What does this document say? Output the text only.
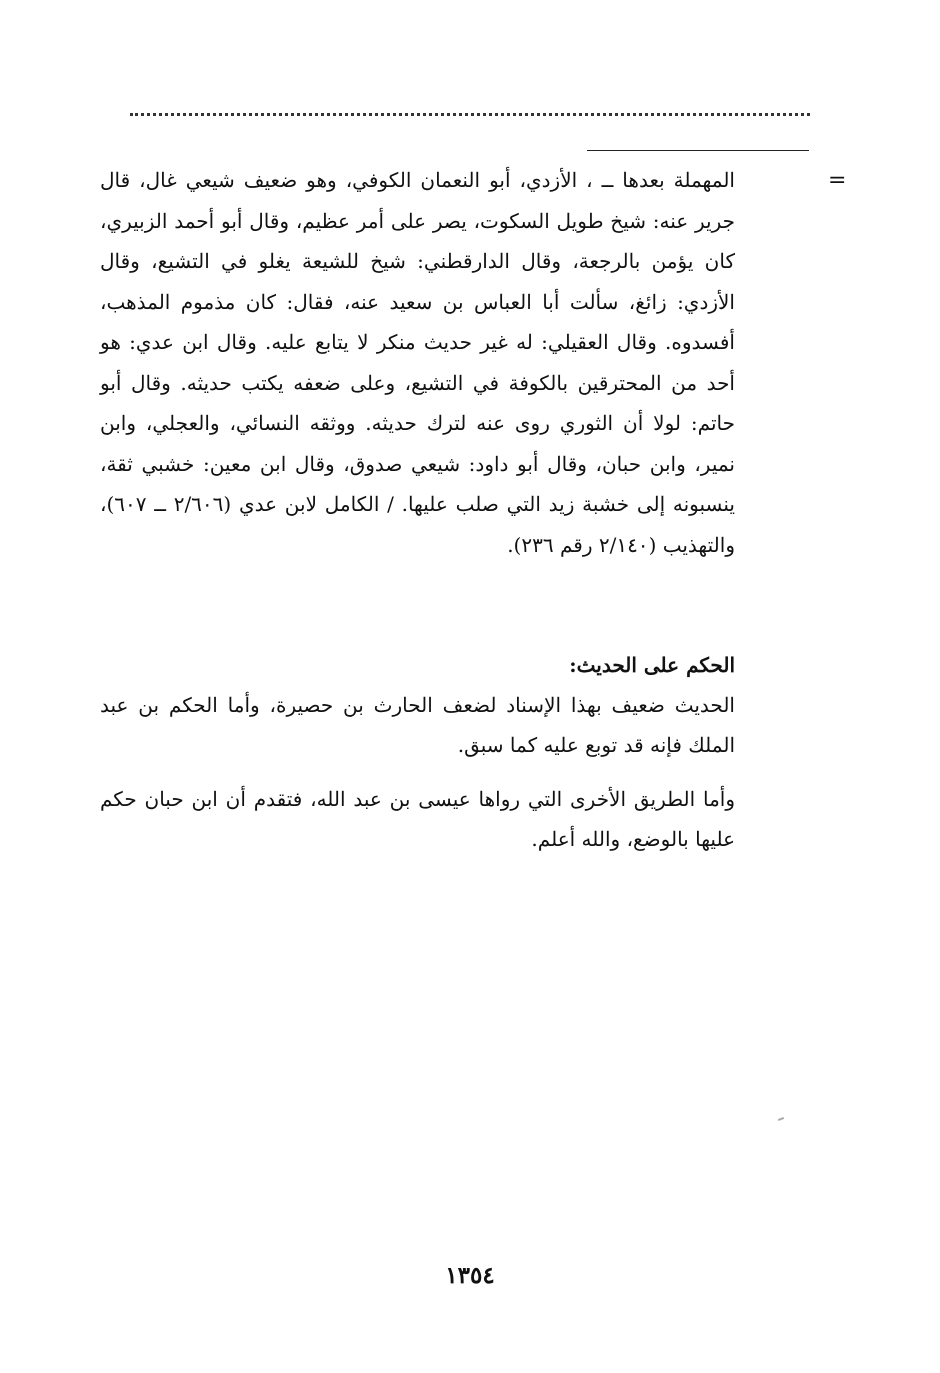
=

المهملة بعدها ــ ، الأزدي، أبو النعمان الكوفي، وهو ضعيف شيعي غال، قال جرير عنه: شيخ طويل السكوت، يصر على أمر عظيم، وقال أبو أحمد الزبيري، كان يؤمن بالرجعة، وقال الدارقطني: شيخ للشيعة يغلو في التشيع، وقال الأزدي: زائغ، سألت أبا العباس بن سعيد عنه، فقال: كان مذموم المذهب، أفسدوه. وقال العقيلي: له غير حديث منكر لا يتابع عليه. وقال ابن عدي: هو أحد من المحترقين بالكوفة في التشيع، وعلى ضعفه يكتب حديثه. وقال أبو حاتم: لولا أن الثوري روى عنه لترك حديثه. ووثقه النسائي، والعجلي، وابن نمير، وابن حبان، وقال أبو داود: شيعي صدوق، وقال ابن معين: خشبي ثقة، ينسبونه إلى خشبة زيد التي صلب عليها. / الكامل لابن عدي (٢/٦٠٦ ــ ٦٠٧)، والتهذيب (٢/١٤٠ رقم ٢٣٦).

الحكم على الحديث:

الحديث ضعيف بهذا الإسناد لضعف الحارث بن حصيرة، وأما الحكم بن عبد الملك فإنه قد توبع عليه كما سبق.

وأما الطريق الأخرى التي رواها عيسى بن عبد الله، فتقدم أن ابن حبان حكم عليها بالوضع، والله أعلم.

١٣٥٤
